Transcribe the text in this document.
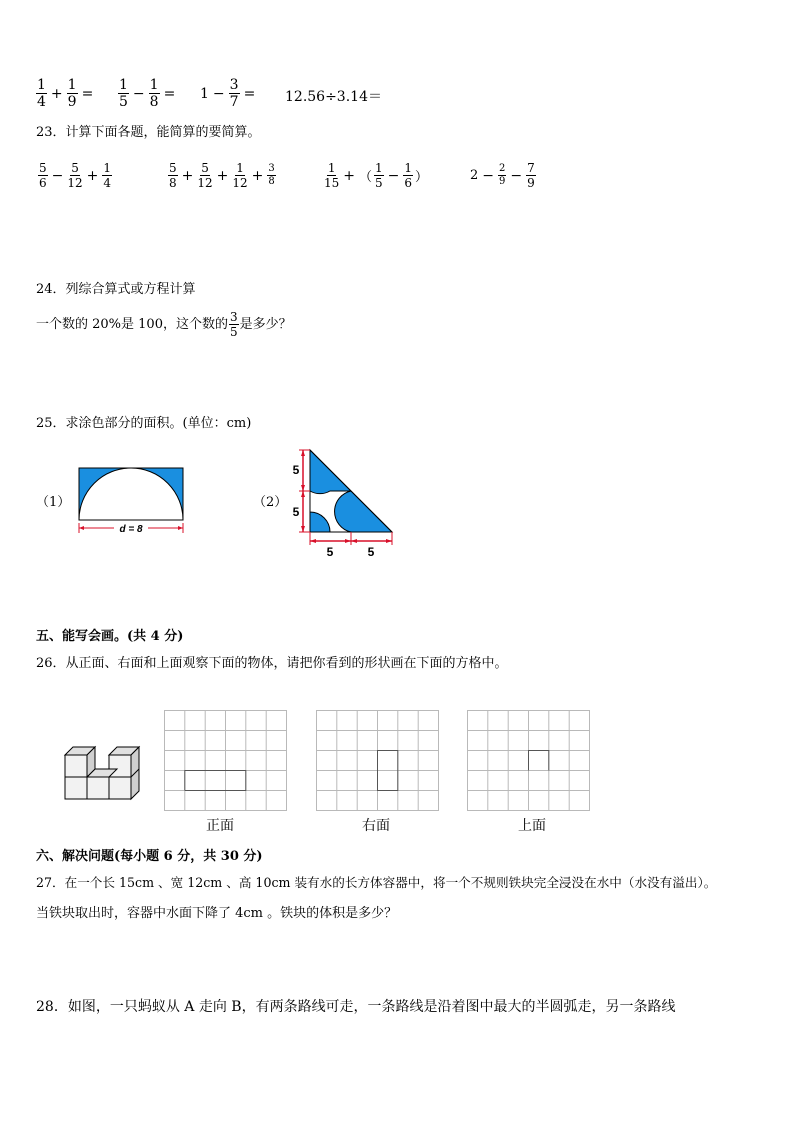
$\frac{1}{4} + \frac{1}{9} = \frac{1}{5} - \frac{1}{8} = 1 - \frac{3}{7} = 12.56\div 3.14=$
23．计算下面各题，能简算的要简算。
$\frac{5}{6} - \frac{5}{12} + \frac{1}{4}$	$\frac{5}{8} + \frac{5}{12} + \frac{1}{12} + \frac{3}{8}$	$\frac{1}{15}$ + （ $\frac{1}{5} - \frac{1}{6}$ ）	$2 - \frac{2}{9} - \frac{7}{9}$
24．列综合算式或方程计算
一个数的 20%是 100，这个数的 $\frac{3}{5}$ 是多少？
25．求涂色部分的面积。(单位：cm)
（1）	（2）
d = 8
5
5
5	5
五、能写会画。(共 4 分)
26．从正面、右面和上面观察下面的物体，请把你看到的形状画在下面的方格中。
正面	右面	上面
六、解决问题(每小题 6 分，共 30 分)
27．在一个长 15cm 、宽 12cm 、高 10cm 装有水的长方体容器中，将一个不规则铁块完全浸没在水中（水没有溢出）。
当铁块取出时，容器中水面下降了 4cm 。铁块的体积是多少？
28．如图，一只蚂蚁从 A 走向 B，有两条路线可走，一条路线是沿着图中最大的半圆弧走，另一条路线
